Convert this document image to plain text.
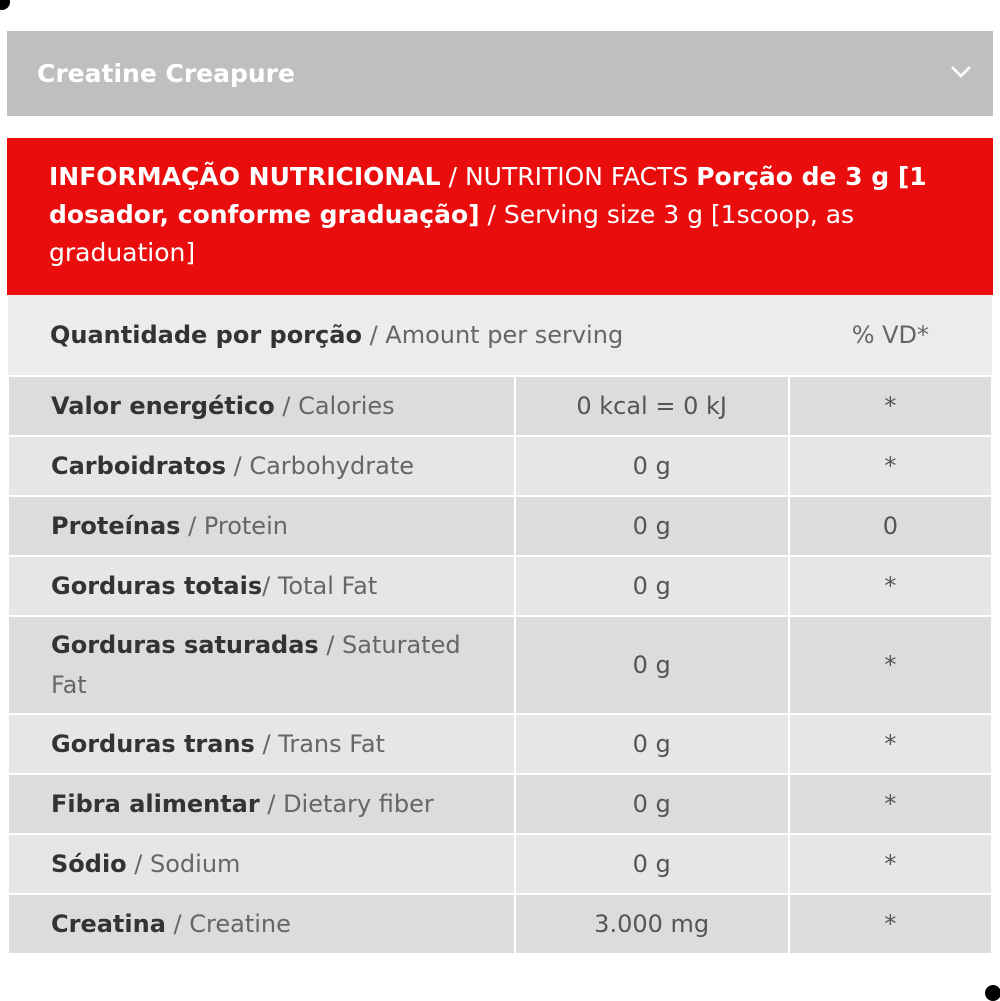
Creatine Creapure
INFORMAÇÃO NUTRICIONAL / NUTRITION FACTS Porção de 3 g [1 dosador, conforme graduação] / Serving size 3 g [1scoop, as graduation]
Quantidade por porção / Amount per serving		% VD*
Valor energético / Calories	0 kcal = 0 kJ	*
Carboidratos / Carbohydrate	0 g	*
Proteínas / Protein	0 g	0
Gorduras totais/ Total Fat	0 g	*
Gorduras saturadas / Saturated Fat	0 g	*
Gorduras trans / Trans Fat	0 g	*
Fibra alimentar / Dietary fiber	0 g	*
Sódio / Sodium	0 g	*
Creatina / Creatine	3.000 mg	*
